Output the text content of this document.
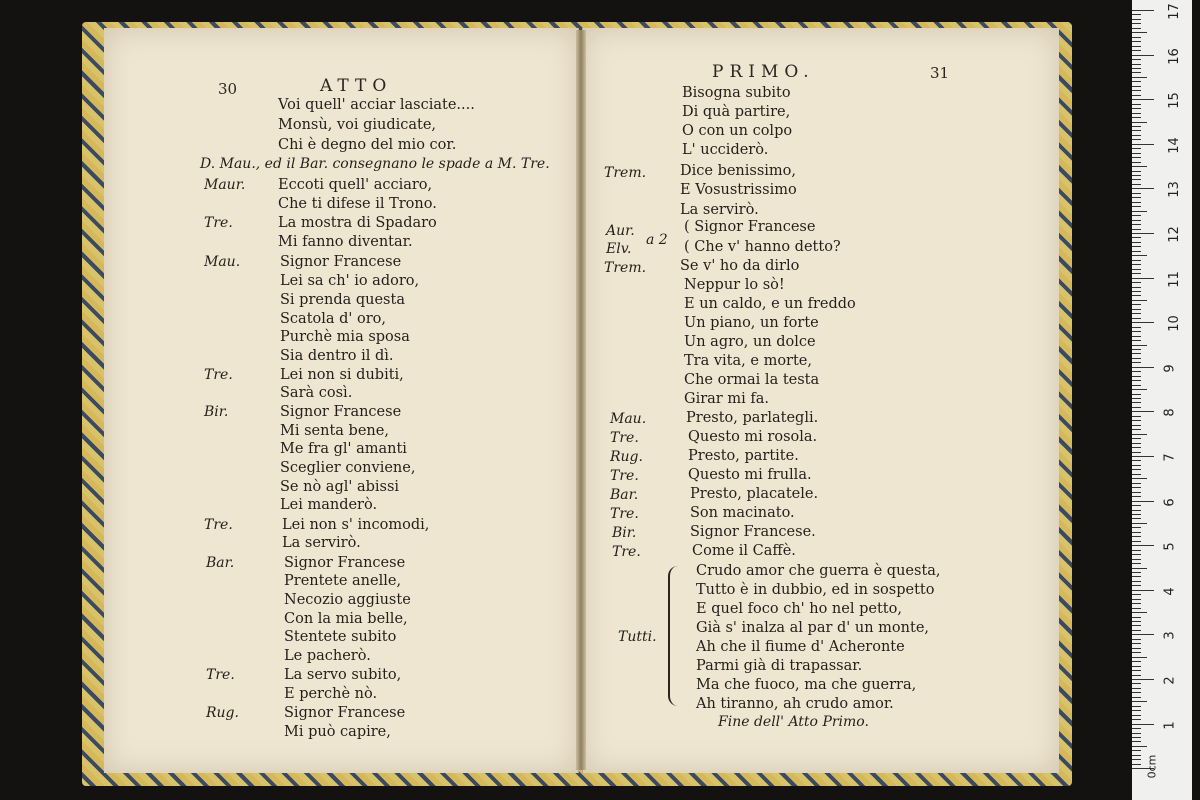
30	ATTO
Voi quell' acciar lasciate....
Monsù, voi giudicate,
Chi è degno del mio cor.
D. Mau., ed il Bar. consegnano le spade a M. Tre.
Maur. Eccoti quell' acciaro,
Che ti difese il Trono.
Tre.	La mostra di Spadaro
Mi fanno diventar.
Mau.	Signor Francese
Lei sa ch' io adoro,
Si prenda questa
Scatola d' oro,
Purchè mia sposa
Sia dentro il dì.
Tre.	Lei non si dubiti,
Sarà così.
Bir.	Signor Francese
Mi senta bene,
Me fra gl' amanti
Sceglier conviene,
Se nò agl' abissi
Lei manderò.
Tre.	Lei non s' incomodi,
La servirò.
Bar.	Signor Francese
Prentete anelle,
Necozio aggiuste
Con la mia belle,
Stentete subito
Le pacherò.
Tre.	La servo subito,
E perchè nò.
Rug.	Signor Francese
Mi può capire,
PRIMO.	31
Bisogna subito
Di quà partire,
O con un colpo
L' ucciderò.
Trem. Dice benissimo,
E Vosustrissimo
La servirò.
Aur.	( Signor Francese
Elv.	( Che v' hanno detto?
a 2
Trem. Se v' ho da dirlo
Neppur lo sò!
E un caldo, e un freddo
Un piano, un forte
Un agro, un dolce
Tra vita, e morte,
Che ormai la testa
Girar mi fa.
Mau.	Presto, parlategli.
Tre.	Questo mi rosola.
Rug.	Presto, partite.
Tre.	Questo mi frulla.
Bar.	Presto, placatele.
Tre.	Son macinato.
Bir.	Signor Francese.
Tre.	Come il Caffè.
Tutti.
Crudo amor che guerra è questa,
Tutto è in dubbio, ed in sospetto
E quel foco ch' ho nel petto,
Già s' inalza al par d' un monte,
Ah che il fiume d' Acheronte
Parmi già di trapassar.
Ma che fuoco, ma che guerra,
Ah tiranno, ah crudo amor.
Fine dell' Atto Primo.
17
16
15
14
13
12
11
10
9
8
7
6
5
4
3
2
1
0cm
